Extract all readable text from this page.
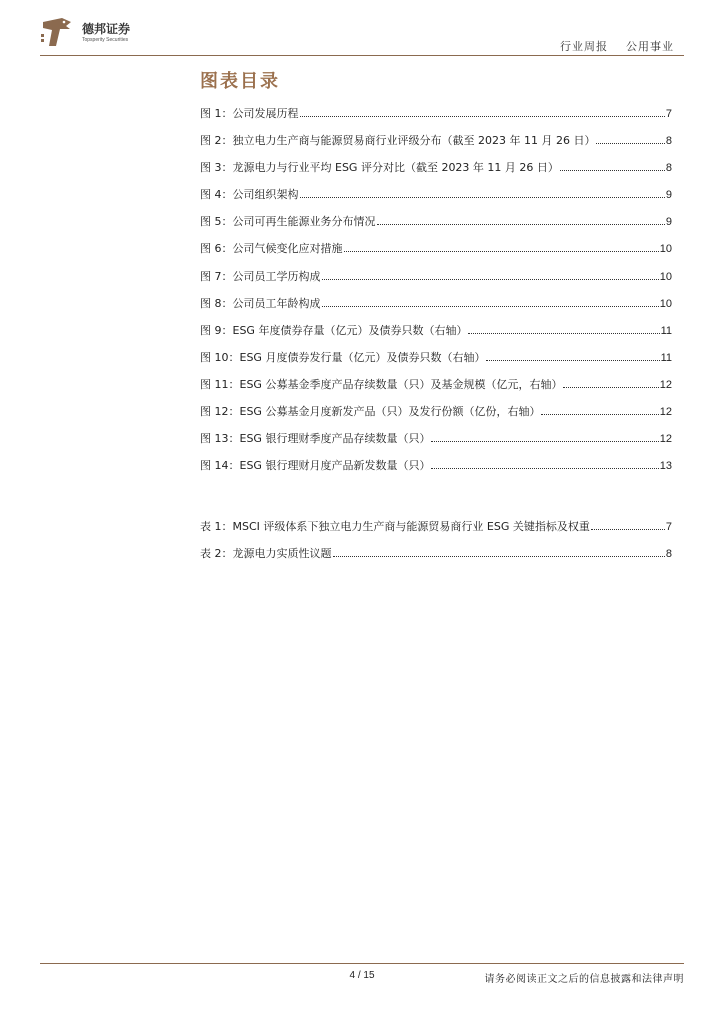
德邦证券
Topsperity Securities	行业周报 公用事业
图表目录
图 1：公司发展历程	7
图 2：独立电力生产商与能源贸易商行业评级分布（截至 2023 年 11 月 26 日）	8
图 3：龙源电力与行业平均 ESG 评分对比（截至 2023 年 11 月 26 日）	8
图 4：公司组织架构	9
图 5：公司可再生能源业务分布情况	9
图 6：公司气候变化应对措施	10
图 7：公司员工学历构成	10
图 8：公司员工年龄构成	10
图 9：ESG 年度债券存量（亿元）及债券只数（右轴）	11
图 10：ESG 月度债券发行量（亿元）及债券只数（右轴）	11
图 11：ESG 公募基金季度产品存续数量（只）及基金规模（亿元，右轴）	12
图 12：ESG 公募基金月度新发产品（只）及发行份额（亿份，右轴）	12
图 13：ESG 银行理财季度产品存续数量（只）	12
图 14：ESG 银行理财月度产品新发数量（只）	13
表 1：MSCI 评级体系下独立电力生产商与能源贸易商行业 ESG 关键指标及权重	7
表 2：龙源电力实质性议题	8
4 / 15	请务必阅读正文之后的信息披露和法律声明
